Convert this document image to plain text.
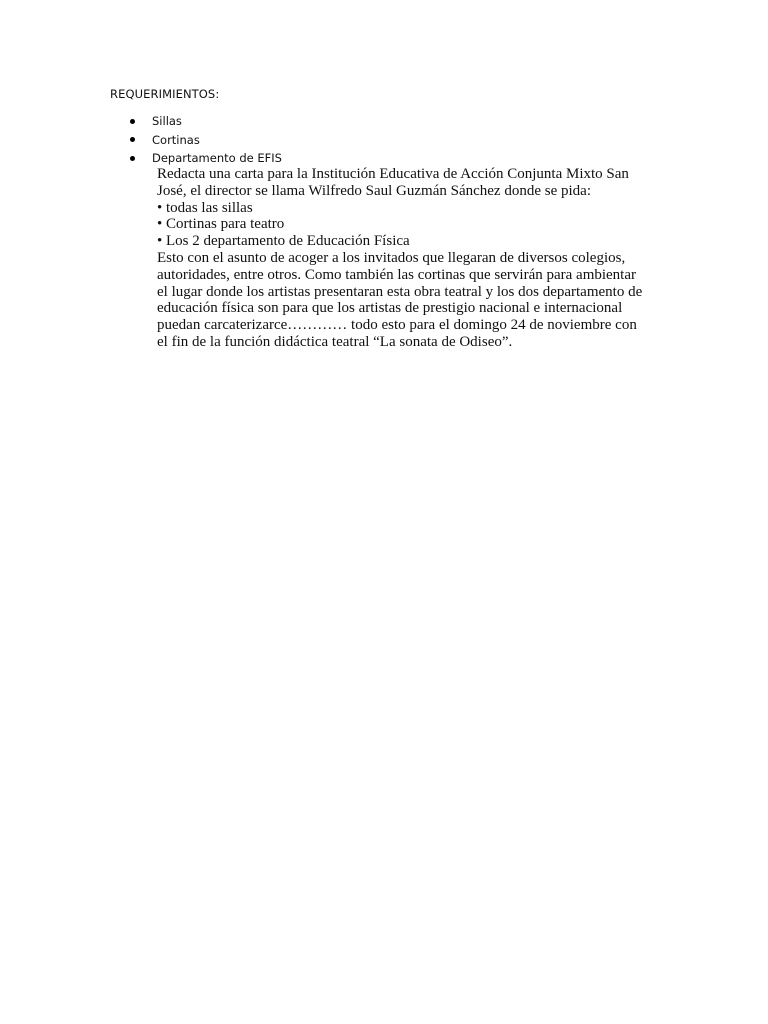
REQUERIMIENTOS:

Sillas
Cortinas
Departamento de EFIS
Redacta una carta para la Institución Educativa de Acción Conjunta Mixto San
José, el director se llama Wilfredo Saul Guzmán Sánchez donde se pida:
• todas las sillas
• Cortinas para teatro
• Los 2 departamento de Educación Física
Esto con el asunto de acoger a los invitados que llegaran de diversos colegios,
autoridades, entre otros. Como también las cortinas que servirán para ambientar
el lugar donde los artistas presentaran esta obra teatral y los dos departamento de
educación física son para que los artistas de prestigio nacional e internacional
puedan carcaterizarce………… todo esto para el domingo 24 de noviembre con
el fin de la función didáctica teatral “La sonata de Odiseo”.
